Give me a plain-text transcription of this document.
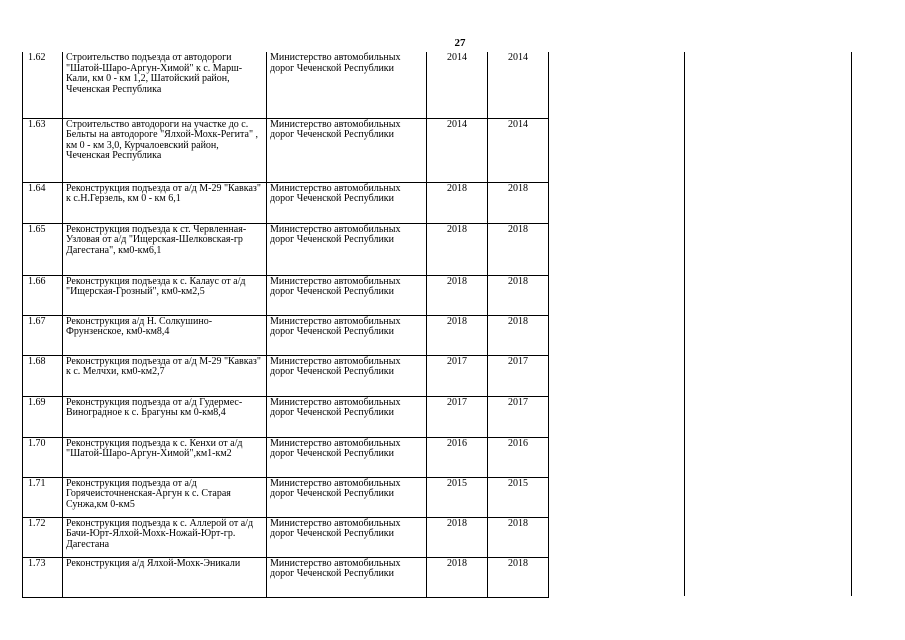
27
1.62	Строительство подъезда от автодороги "Шатой-Шаро-Аргун-Химой" к с. Марш-Кали, км 0 - км 1,2, Шатойский район, Чеченская Республика	Министерство автомобильных дорог Чеченской Республики	2014	2014
1.63	Строительство автодороги на участке до с. Бельты на автодороге "Ялхой-Мохк-Регита" , км 0 - км 3,0, Курчалоевский район, Чеченская Республика	Министерство автомобильных дорог Чеченской Республики	2014	2014
1.64	Реконструкция подъезда от а/д М-29 "Кавказ" к с.Н.Герзель, км 0 - км 6,1	Министерство автомобильных дорог Чеченской Республики	2018	2018
1.65	Реконструкция подъезда к ст. Червленная-Узловая от а/д "Ищерская-Шелковская-гр Дагестана", км0-км6,1	Министерство автомобильных дорог Чеченской Республики	2018	2018
1.66	Реконструкция подъезда к с. Калаус от а/д "Ищерская-Грозный", км0-км2,5	Министерство автомобильных дорог Чеченской Республики	2018	2018
1.67	Реконструкция а/д Н. Солкушино-Фрунзенское, км0-км8,4	Министерство автомобильных дорог Чеченской Республики	2018	2018
1.68	Реконструкция подъезда от а/д М-29 "Кавказ" к с. Мелчхи, км0-км2,7	Министерство автомобильных дорог Чеченской Республики	2017	2017
1.69	Реконструкция подъезда от а/д Гудермес-Виноградное к с. Брагуны км 0-км8,4	Министерство автомобильных дорог Чеченской Республики	2017	2017
1.70	Реконструкция подъезда к с. Кенхи от а/д "Шатой-Шаро-Аргун-Химой",км1-км2	Министерство автомобильных дорог Чеченской Республики	2016	2016
1.71	Реконструкция подъезда от а/д Горячеисточненская-Аргун к с. Старая Сунжа,км 0-км5	Министерство автомобильных дорог Чеченской Республики	2015	2015
1.72	Реконструкция подъезда к с. Аллерой от а/д Бачи-Юрт-Ялхой-Мохк-Ножай-Юрт-гр. Дагестана	Министерство автомобильных дорог Чеченской Республики	2018	2018
1.73	Реконструкция а/д Ялхой-Мохк-Эникали	Министерство автомобильных дорог Чеченской Республики	2018	2018
